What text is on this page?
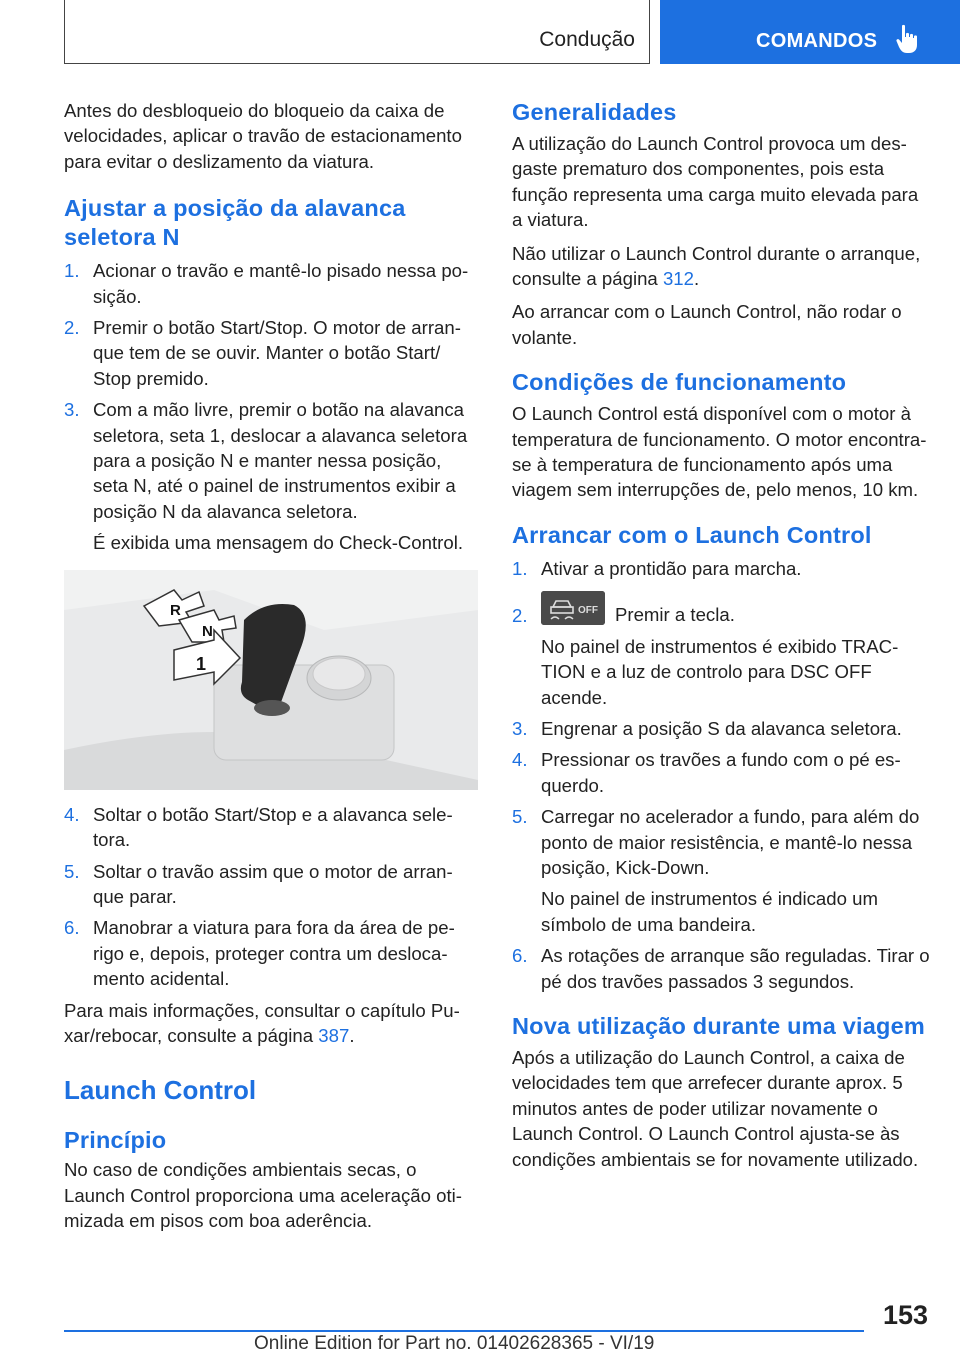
Condução	COMANDOS

Antes do desbloqueio do bloqueio da caixa de velocidades, aplicar o travão de estacionamento para evitar o deslizamento da viatura.

Ajustar a posição da alavanca seletora N
1. Acionar o travão e mantê-lo pisado nessa posição.
2. Premir o botão Start/Stop. O motor de arranque tem de se ouvir. Manter o botão Start/ Stop premido.
3. Com a mão livre, premir o botão na alavanca seletora, seta 1, deslocar a alavanca seletora para a posição N e manter nessa posição, seta N, até o painel de instrumentos exibir a posição N da alavanca seletora.
É exibida uma mensagem do Check-Control.
R
N
1
4. Soltar o botão Start/Stop e a alavanca seletora.
5. Soltar o travão assim que o motor de arranque parar.
6. Manobrar a viatura para fora da área de perigo e, depois, proteger contra um deslocamento acidental.

Para mais informações, consultar o capítulo Puxar/rebocar, consulte a página 387.

Launch Control
Princípio

No caso de condições ambientais secas, o Launch Control proporciona uma aceleração otimizada em pisos com boa aderência.

Generalidades

A utilização do Launch Control provoca um desgaste prematuro dos componentes, pois esta função representa uma carga muito elevada para a viatura.

Não utilizar o Launch Control durante o arranque, consulte a página 312.

Ao arrancar com o Launch Control, não rodar o volante.

Condições de funcionamento

O Launch Control está disponível com o motor à temperatura de funcionamento. O motor encontra-se à temperatura de funcionamento após uma viagem sem interrupções de, pelo menos, 10 km.

Arrancar com o Launch Control
1. Ativar a prontidão para marcha.
2.	OFF Premir a tecla.
No painel de instrumentos é exibido TRACTION e a luz de controlo para DSC OFF acende.
3. Engrenar a posição S da alavanca seletora.
4. Pressionar os travões a fundo com o pé esquerdo.
5. Carregar no acelerador a fundo, para além do ponto de maior resistência, e mantê-lo nessa posição, Kick-Down.
No painel de instrumentos é indicado um símbolo de uma bandeira.
6. As rotações de arranque são reguladas. Tirar o pé dos travões passados 3 segundos.
Nova utilização durante uma viagem

Após a utilização do Launch Control, a caixa de velocidades tem que arrefecer durante aprox. 5 minutos antes de poder utilizar novamente o Launch Control. O Launch Control ajusta-se às condições ambientais se for novamente utilizado.

153
Online Edition for Part no. 01402628365 - VI/19
